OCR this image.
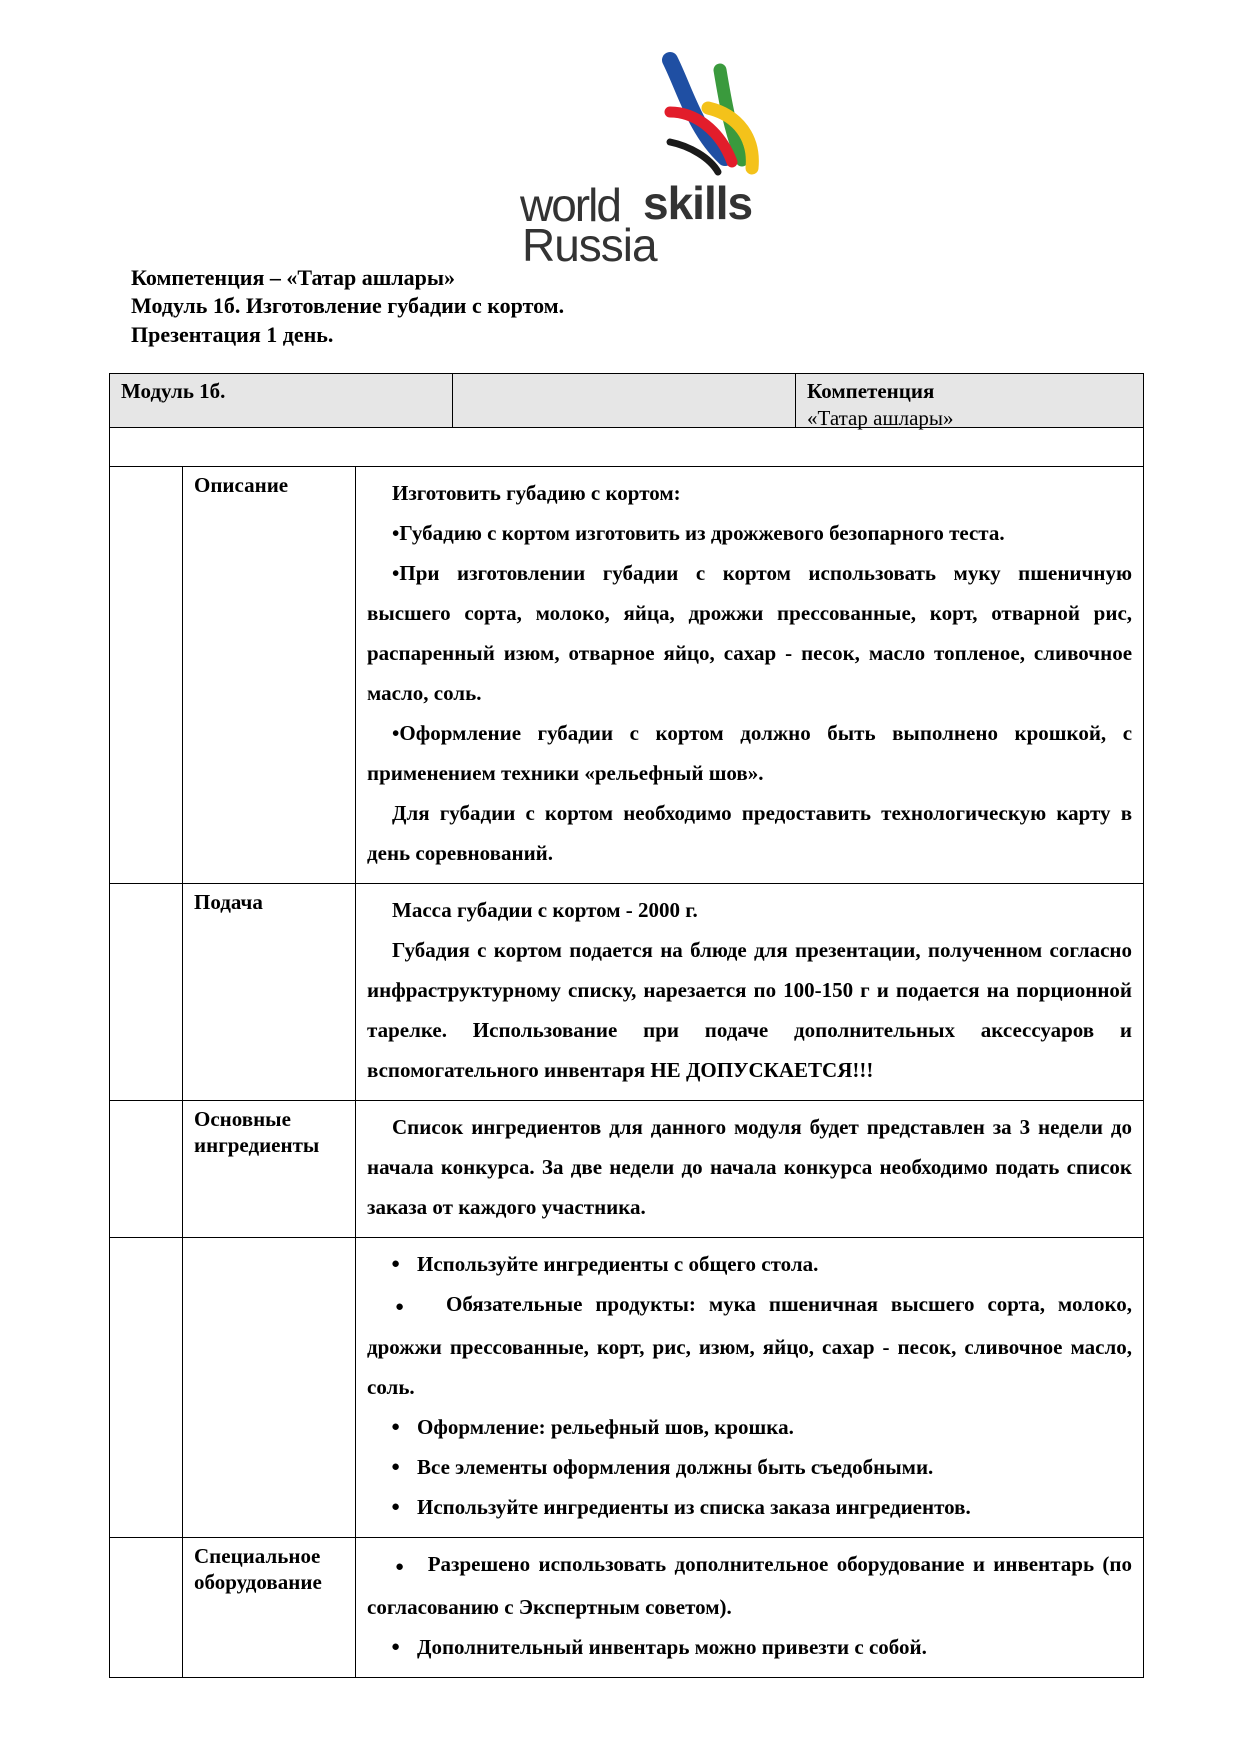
world skills
Russia
Компетенция – «Татар ашлары»
Модуль 1б. Изготовление губадии с кортом.
Презентация 1 день.
Модуль 1б.				Компетенция
«Татар ашлары»

	Описание	Изготовить губадию с кортом:

• Губадию с кортом изготовить из дрожжевого безопарного теста.

• При изготовлении губадии с кортом использовать муку пшеничную высшего сорта, молоко, яйца, дрожжи прессованные, корт, отварной рис, распаренный изюм, отварное яйцо, сахар - песок, масло топленое, сливочное масло, соль.

• Оформление губадии с кортом должно быть выполнено крошкой, с применением техники «рельефный шов».

Для губадии с кортом необходимо предоставить технологическую карту в день соревнований.

	Подача	Масса губадии с кортом - 2000 г.

Губадия с кортом подается на блюде для презентации, полученном согласно инфраструктурному списку, нарезается по 100-150 г и подается на порционной тарелке. Использование при подаче дополнительных аксессуаров и вспомогательного инвентаря НЕ ДОПУСКАЕТСЯ!!!		

	Основные ингредиенты	Список ингредиентов для данного модуля будет представлен за 3 недели до начала конкурса. За две недели до начала конкурса необходимо подать список заказа от каждого участника.		

		● Используйте ингредиенты с общего стола.

●   Обязательные продукты: мука пшеничная высшего сорта, молоко, дрожжи прессованные, корт, рис, изюм, яйцо, сахар - песок, сливочное масло, соль.

● Оформление: рельефный шов, крошка.

● Все элементы оформления должны быть съедобными.

● Используйте ингредиенты из списка заказа ингредиентов.

	Специальное оборудование	●   Разрешено использовать дополнительное оборудование и инвентарь (по согласованию с Экспертным советом).

● Дополнительный инвентарь можно привезти с собой.
